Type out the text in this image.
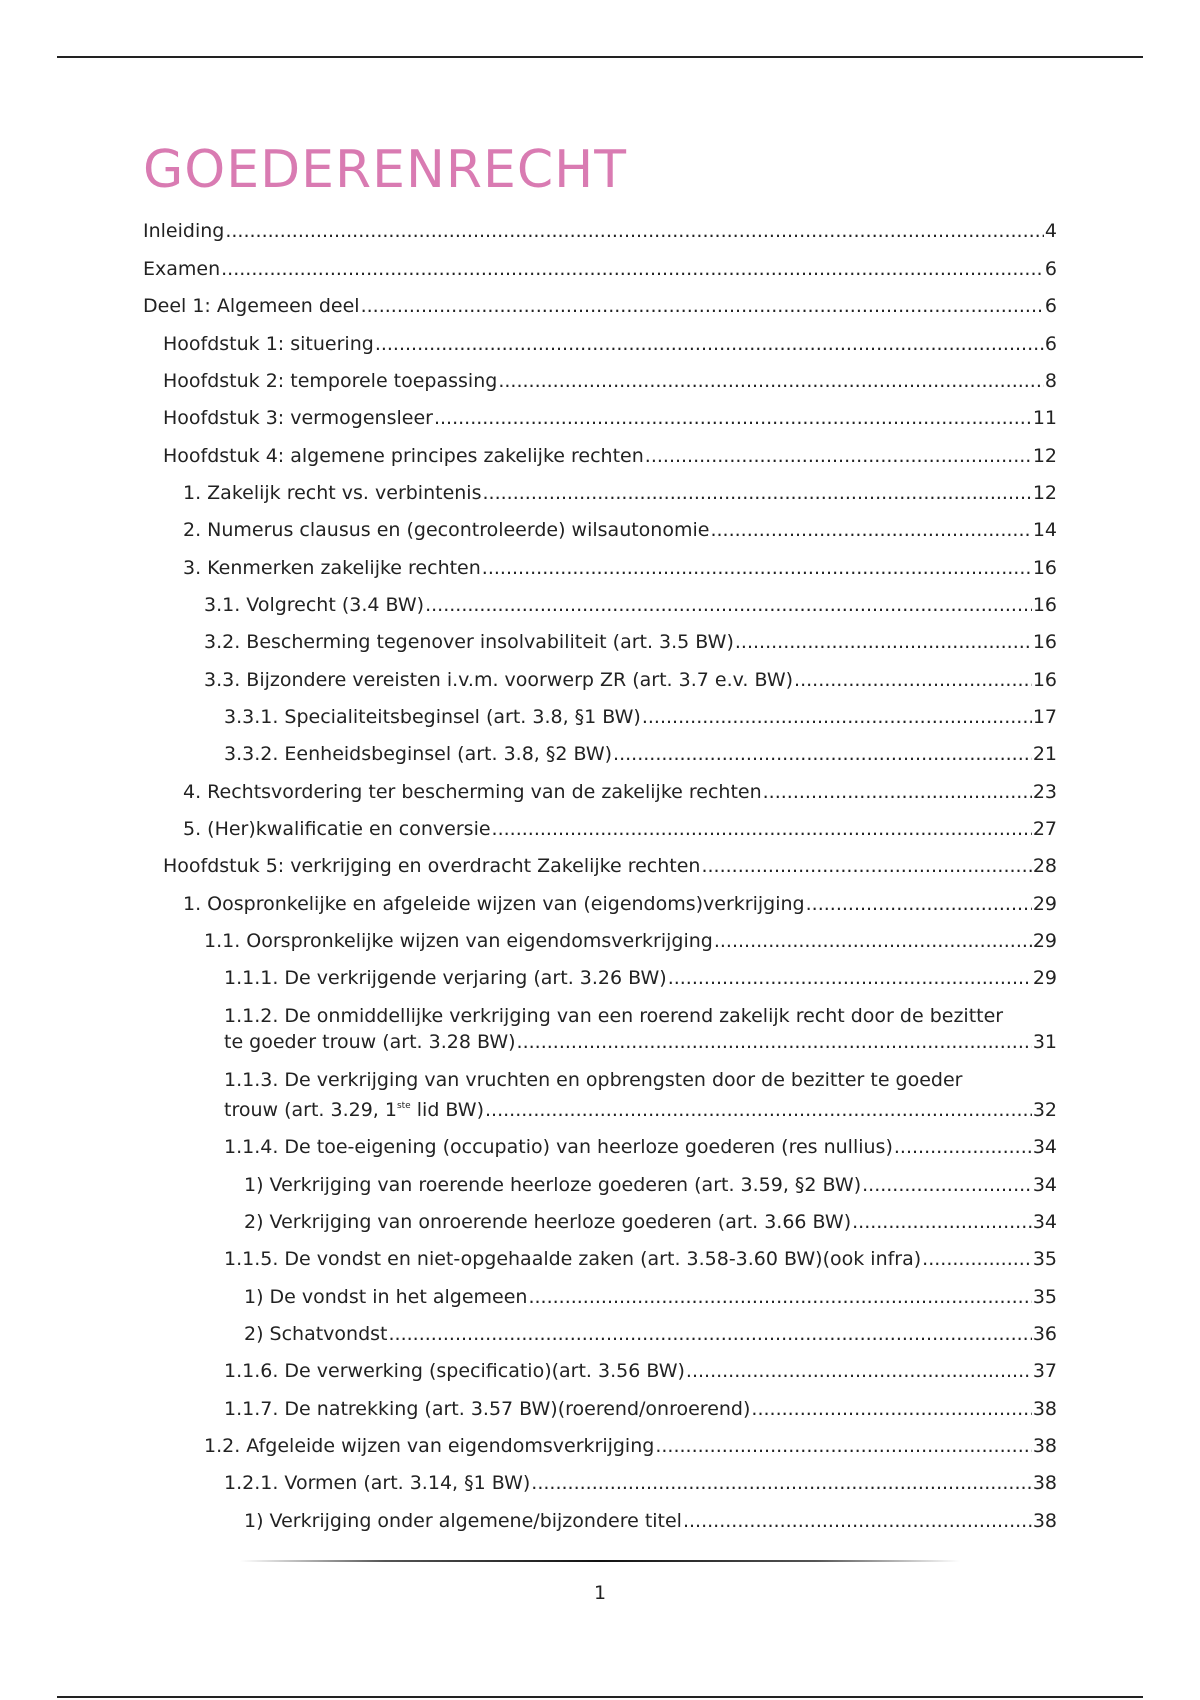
GOEDERENRECHT
Inleiding .....	4
Examen .....	6
Deel 1: Algemeen deel .....	6
Hoofdstuk 1: situering .....	6
Hoofdstuk 2: temporele toepassing .....	8
Hoofdstuk 3: vermogensleer .....	11
Hoofdstuk 4: algemene principes zakelijke rechten .....	12
1. Zakelijk recht vs. verbintenis .....	12
2. Numerus clausus en (gecontroleerde) wilsautonomie .....	14
3. Kenmerken zakelijke rechten .....	16
3.1. Volgrecht (3.4 BW) .....	16
3.2. Bescherming tegenover insolvabiliteit (art. 3.5 BW) .....	16
3.3. Bijzondere vereisten i.v.m. voorwerp ZR (art. 3.7 e.v. BW) .....	16
3.3.1. Specialiteitsbeginsel (art. 3.8, §1 BW) .....	17
3.3.2. Eenheidsbeginsel (art. 3.8, §2 BW) .....	21
4. Rechtsvordering ter bescherming van de zakelijke rechten .....	23
5. (Her)kwalificatie en conversie .....	27
Hoofdstuk 5: verkrijging en overdracht Zakelijke rechten .....	28
1. Oospronkelijke en afgeleide wijzen van (eigendoms)verkrijging .....	29
1.1. Oorspronkelijke wijzen van eigendomsverkrijging .....	29
1.1.1. De verkrijgende verjaring (art. 3.26 BW) .....	29
1.1.2. De onmiddellijke verkrijging van een roerend zakelijk recht door de bezitter
te goeder trouw (art. 3.28 BW) .....	31
1.1.3. De verkrijging van vruchten en opbrengsten door de bezitter te goeder
trouw (art. 3.29, 1ste lid BW) .....	32
1.1.4. De toe-eigening (occupatio) van heerloze goederen (res nullius) .....	34
1) Verkrijging van roerende heerloze goederen (art. 3.59, §2 BW) .....	34
2) Verkrijging van onroerende heerloze goederen (art. 3.66 BW) .....	34
1.1.5. De vondst en niet-opgehaalde zaken (art. 3.58-3.60 BW)(ook infra) .....	35
1) De vondst in het algemeen .....	35
2) Schatvondst .....	36
1.1.6. De verwerking (specificatio)(art. 3.56 BW) .....	37
1.1.7. De natrekking (art. 3.57 BW)(roerend/onroerend) .....	38
1.2. Afgeleide wijzen van eigendomsverkrijging .....	38
1.2.1. Vormen (art. 3.14, §1 BW) .....	38
1) Verkrijging onder algemene/bijzondere titel .....	38
1
